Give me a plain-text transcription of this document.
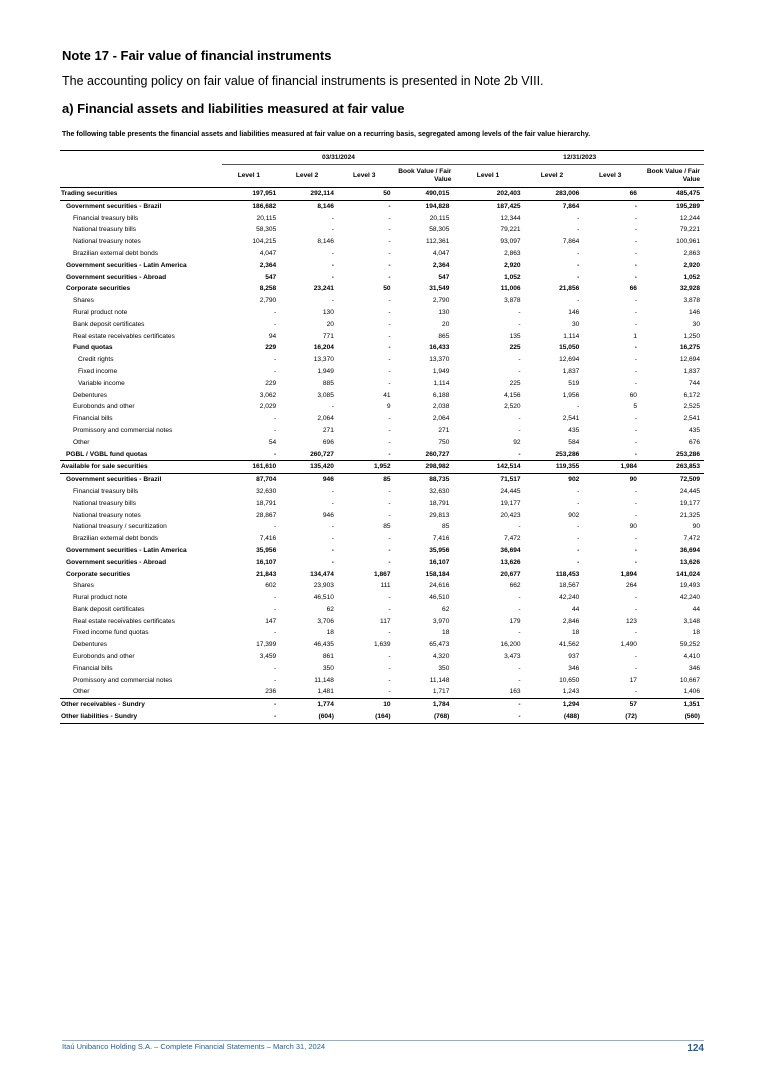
Note 17 - Fair value of financial instruments
The accounting policy on fair value of financial instruments is presented in Note 2b VIII.
a) Financial assets and liabilities measured at fair value
The following table presents the financial assets and liabilities measured at fair value on a recurring basis, segregated among levels of the fair value hierarchy.
	03/31/2024				12/31/2023			
	Level 1	Level 2	Level 3	Book Value / Fair Value	Level 1	Level 2	Level 3	Book Value / Fair Value
Trading securities	197,951	292,114	50	490,015	202,403	283,006	66	485,475
Government securities - Brazil	186,682	8,146	-	194,828	187,425	7,864	-	195,289
Financial treasury bills	20,115	-	-	20,115	12,344	-	-	12,244
National treasury bills	58,305	-	-	58,305	79,221	-	-	79,221
National treasury notes	104,215	8,146	-	112,361	93,097	7,864	-	100,961
Brazilian external debt bonds	4,047	-	-	4,047	2,863	-	-	2,863
Government securities - Latin America	2,364	-	-	2,364	2,920	-	-	2,920
Government securities - Abroad	547	-	-	547	1,052	-	-	1,052
Corporate securities	8,258	23,241	50	31,549	11,006	21,856	66	32,928
Shares	2,790	-	-	2,790	3,878	-	-	3,878
Rural product note	-	130	-	130	-	146	-	146
Bank deposit certificates	-	20	-	20	-	30	-	30
Real estate receivables certificates	94	771	-	865	135	1,114	1	1,250
Fund quotas	229	16,204	-	16,433	225	15,050	-	16,275
Credit rights	-	13,370	-	13,370	-	12,694	-	12,694
Fixed income	-	1,949	-	1,949	-	1,837	-	1,837
Variable income	229	885	-	1,114	225	519	-	744
Debentures	3,062	3,085	41	6,188	4,156	1,956	60	6,172
Eurobonds and other	2,029	-	9	2,038	2,520	-	5	2,525
Financial bills	-	2,064	-	2,064	-	2,541	-	2,541
Promissory and commercial notes	-	271	-	271	-	435	-	435
Other	54	696	-	750	92	584	-	676
PGBL / VGBL fund quotas	-	260,727	-	260,727	-	253,286	-	253,286
Available for sale securities	161,610	135,420	1,952	298,982	142,514	119,355	1,984	263,853
Government securities - Brazil	87,704	946	85	88,735	71,517	902	90	72,509
Financial treasury bills	32,630	-	-	32,630	24,445	-	-	24,445
National treasury bills	18,791	-	-	18,791	19,177	-	-	19,177
National treasury notes	28,867	946	-	29,813	20,423	902	-	21,325
National treasury / securitization	-	-	85	85	-	-	90	90
Brazilian external debt bonds	7,416	-	-	7,416	7,472	-	-	7,472
Government securities - Latin America	35,956	-	-	35,956	36,694	-	-	36,694
Government securities - Abroad	16,107	-	-	16,107	13,626	-	-	13,626
Corporate securities	21,843	134,474	1,867	158,184	20,677	118,453	1,894	141,024
Shares	602	23,903	111	24,616	662	18,567	264	19,493
Rural product note	-	46,510	-	46,510	-	42,240	-	42,240
Bank deposit certificates	-	62	-	62	-	44	-	44
Real estate receivables certificates	147	3,706	117	3,970	179	2,846	123	3,148
Fixed income fund quotas	-	18	-	18	-	18	-	18
Debentures	17,399	46,435	1,639	65,473	16,200	41,562	1,490	59,252
Eurobonds and other	3,459	861	-	4,320	3,473	937	-	4,410
Financial bills	-	350	-	350	-	346	-	346
Promissory and commercial notes	-	11,148	-	11,148	-	10,650	17	10,667
Other	236	1,481	-	1,717	163	1,243	-	1,406
Other receivables - Sundry	-	1,774	10	1,784	-	1,294	57	1,351
Other liabilities - Sundry	-	(604)	(164)	(768)	-	(488)	(72)	(560)
Itaú Unibanco Holding S.A. – Complete Financial Statements – March 31, 2024	124
